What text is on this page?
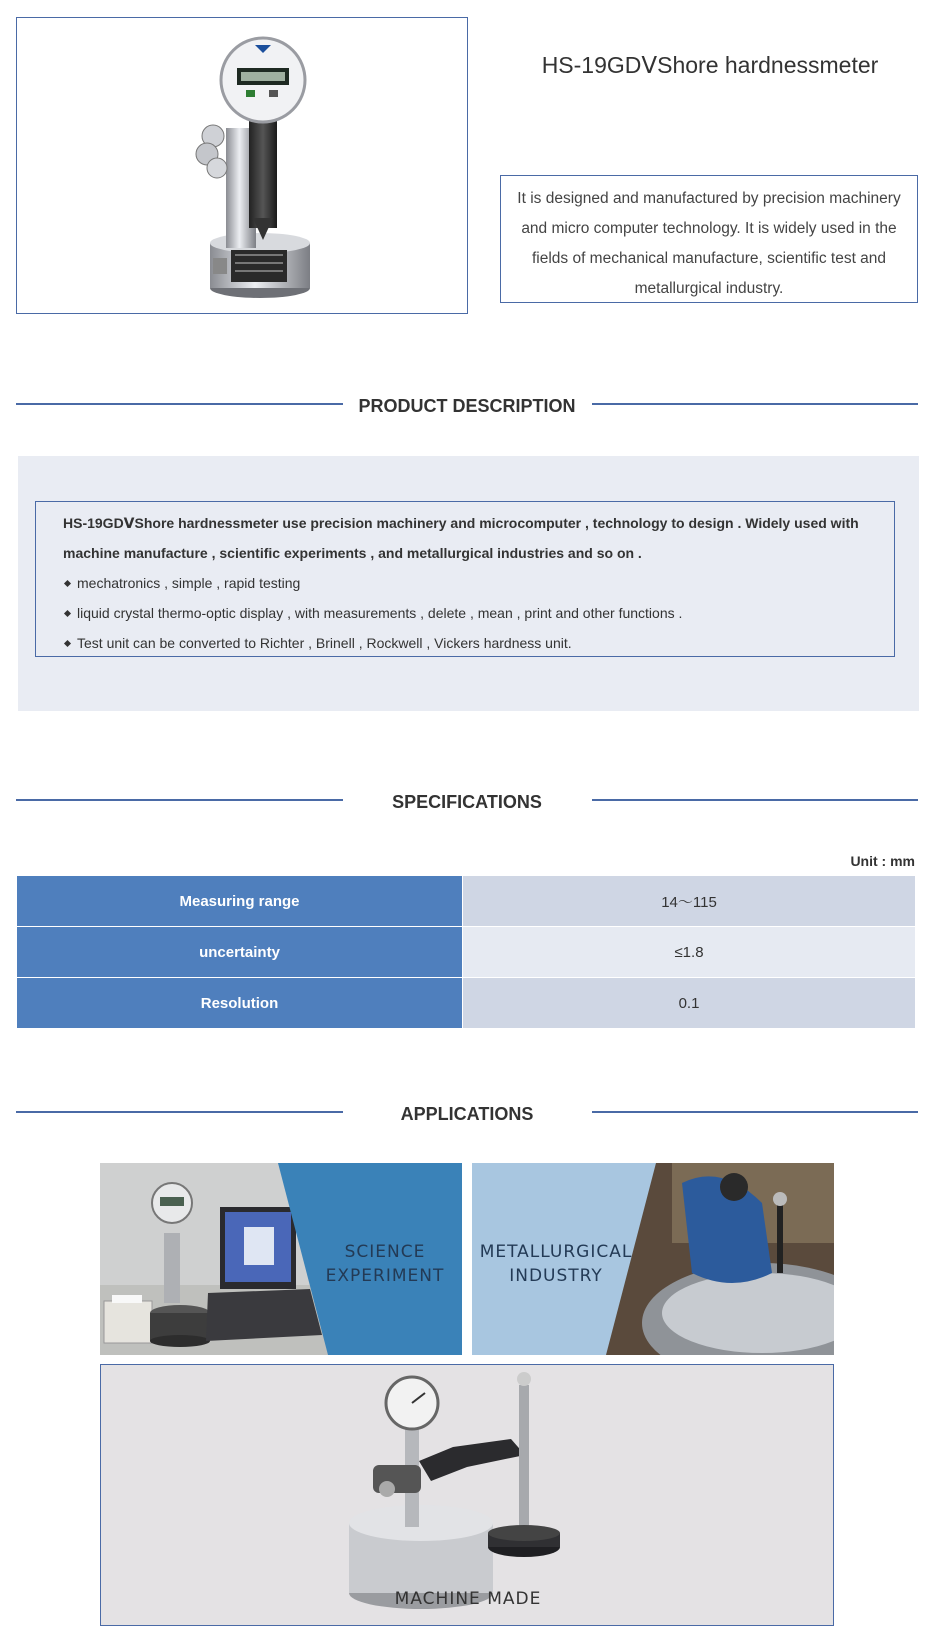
HS-19GDⅤShore hardnessmeter
It is designed and manufactured by precision machinery and micro computer technology. It is widely used in the fields of mechanical manufacture, scientific test and metallurgical industry.
PRODUCT DESCRIPTION
HS-19GDⅤShore hardnessmeter use precision machinery and microcomputer , technology to design . Widely used with machine manufacture , scientific experiments , and metallurgical industries and so on .
mechatronics , simple , rapid testing
liquid crystal thermo-optic display , with measurements , delete , mean , print and other functions .
Test unit can be converted to Richter , Brinell , Rockwell , Vickers hardness unit.
SPECIFICATIONS
Unit : mm
Measuring range	14～115
uncertainty	≤1.8
Resolution	0.1
APPLICATIONS
SCIENCE
EXPERIMENT
METALLURGICAL
INDUSTRY
MACHINE MADE
